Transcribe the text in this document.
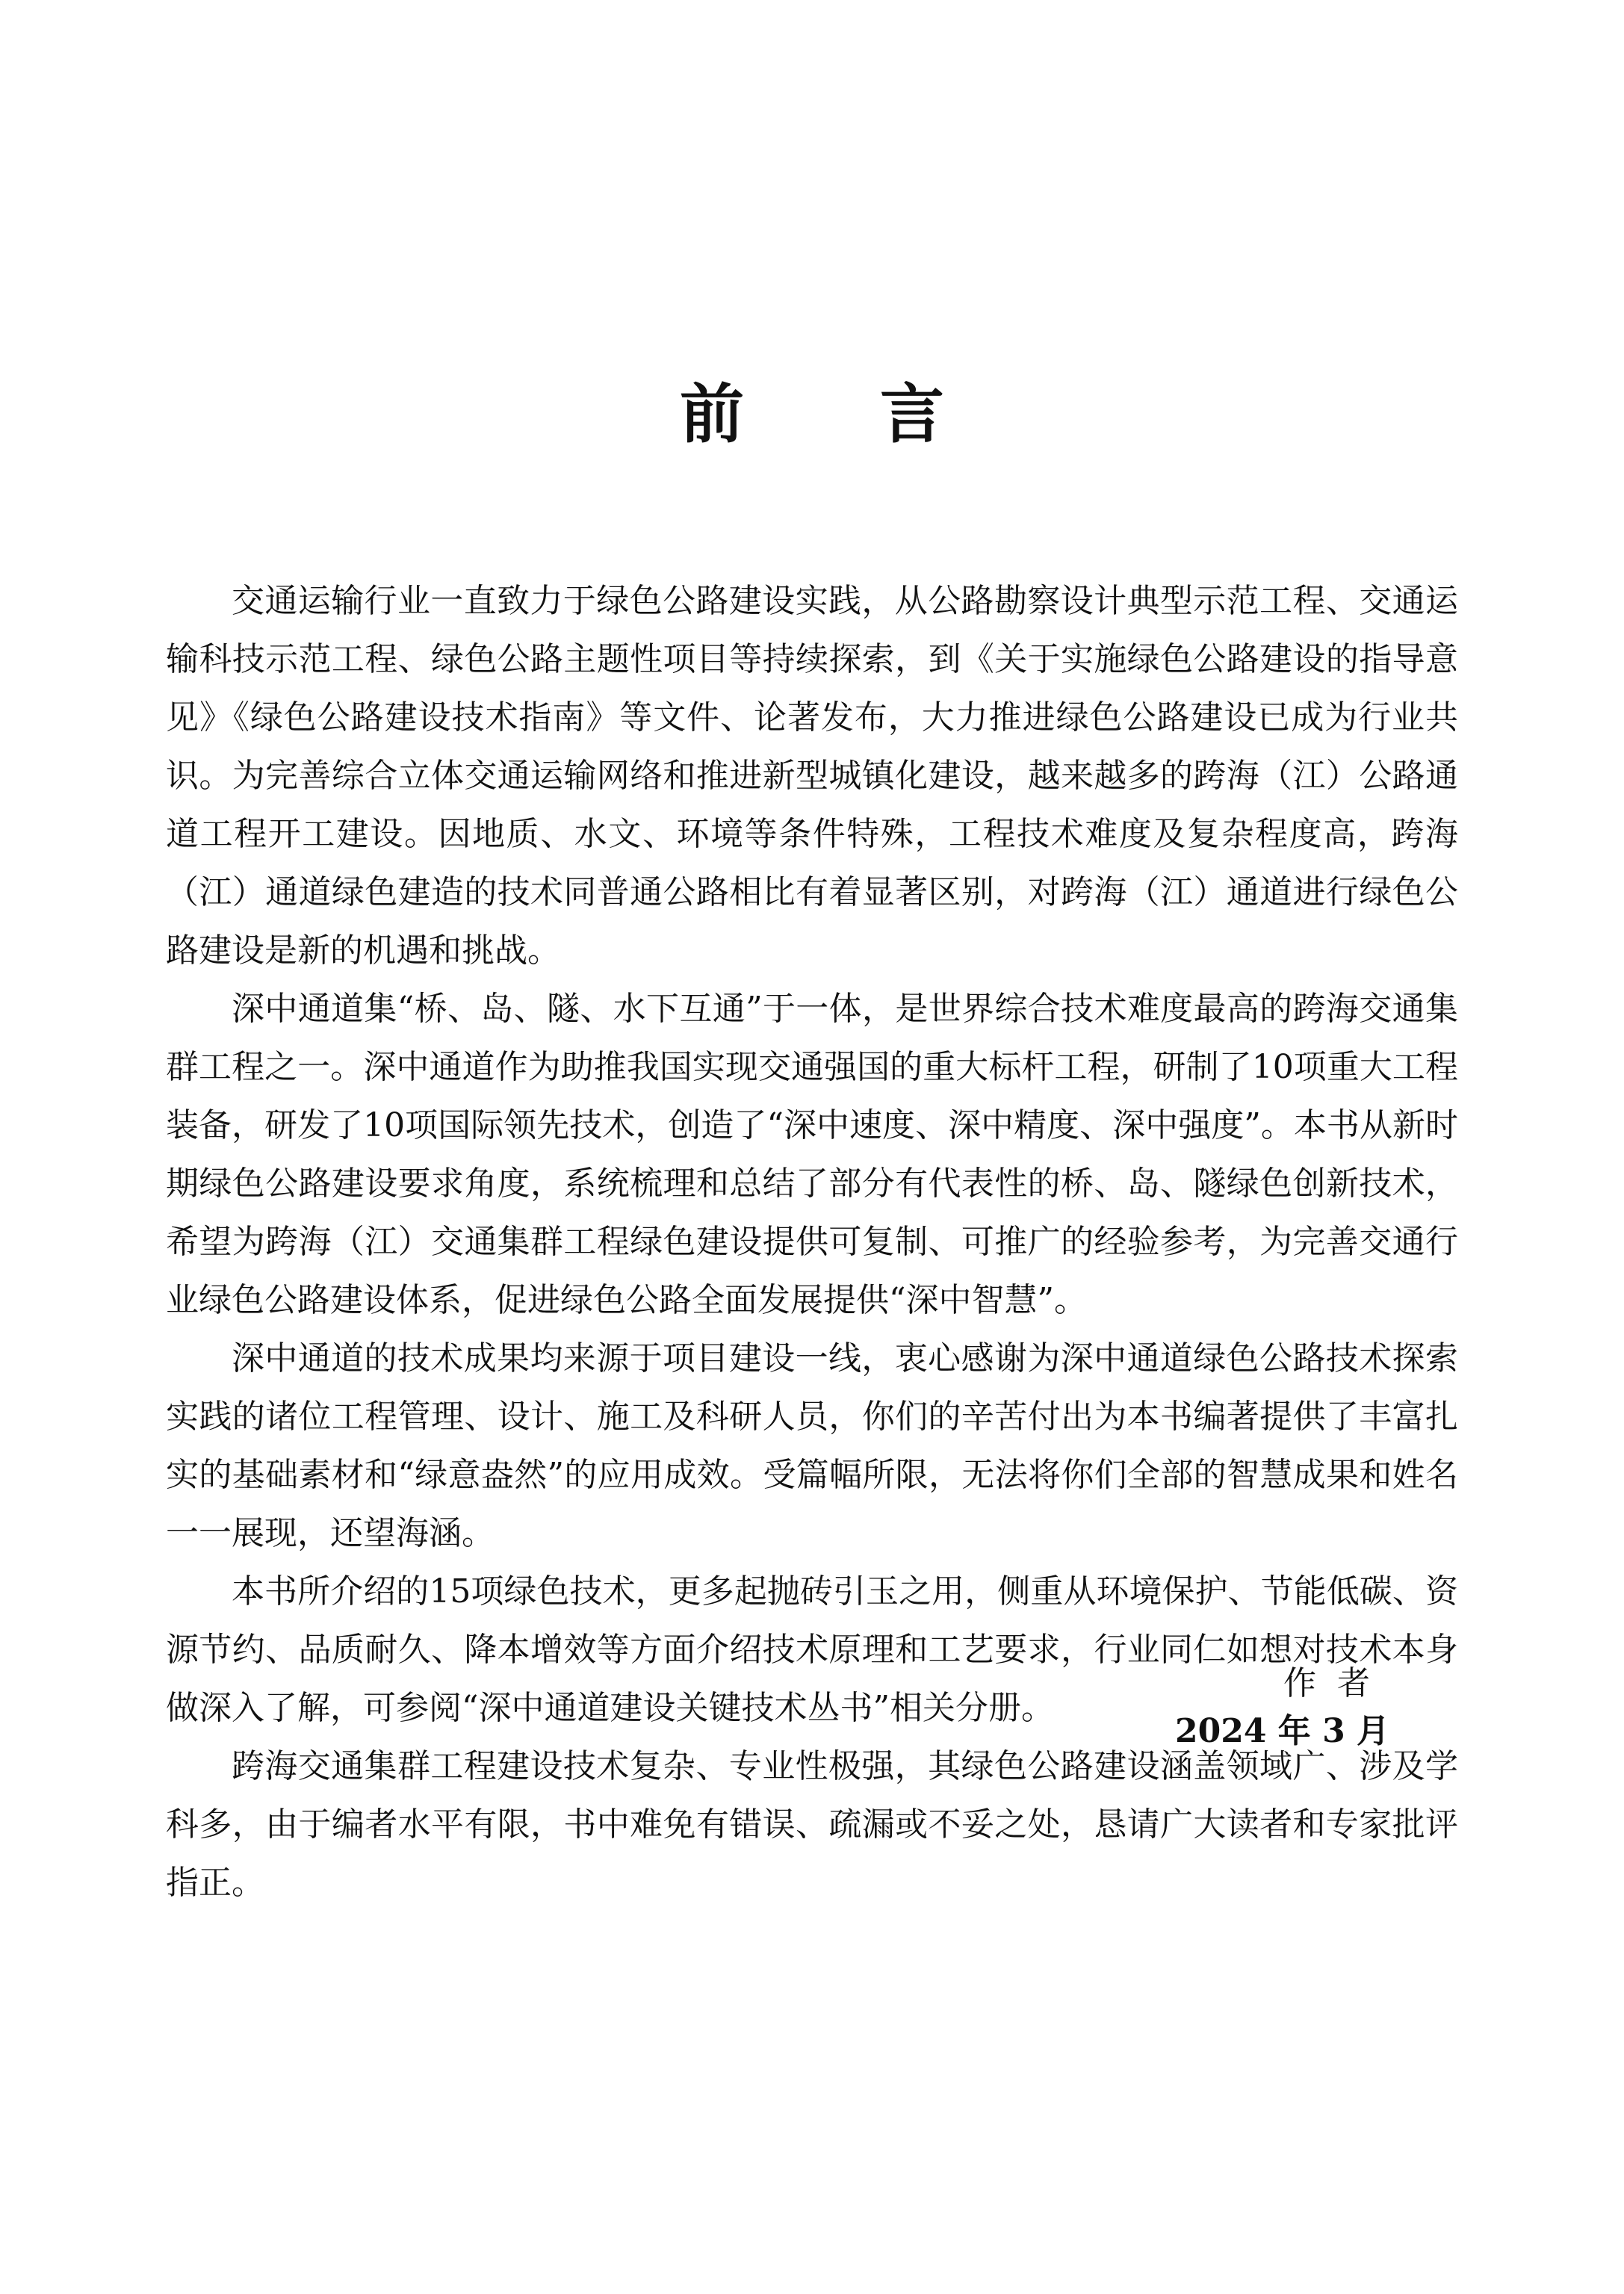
前 言

交通运输行业一直致力于绿色公路建设实践，从公路勘察设计典型示范工程、交通运输科技示范工程、绿色公路主题性项目等持续探索，到《关于实施绿色公路建设的指导意见》《绿色公路建设技术指南》等文件、论著发布，大力推进绿色公路建设已成为行业共识。为完善综合立体交通运输网络和推进新型城镇化建设，越来越多的跨海（江）公路通道工程开工建设。因地质、水文、环境等条件特殊，工程技术难度及复杂程度高，跨海（江）通道绿色建造的技术同普通公路相比有着显著区别，对跨海（江）通道进行绿色公路建设是新的机遇和挑战。

深中通道集“桥、岛、隧、水下互通”于一体，是世界综合技术难度最高的跨海交通集群工程之一。深中通道作为助推我国实现交通强国的重大标杆工程，研制了10项重大工程装备，研发了10项国际领先技术，创造了“深中速度、深中精度、深中强度”。本书从新时期绿色公路建设要求角度，系统梳理和总结了部分有代表性的桥、岛、隧绿色创新技术，希望为跨海（江）交通集群工程绿色建设提供可复制、可推广的经验参考，为完善交通行业绿色公路建设体系，促进绿色公路全面发展提供“深中智慧”。

深中通道的技术成果均来源于项目建设一线，衷心感谢为深中通道绿色公路技术探索实践的诸位工程管理、设计、施工及科研人员，你们的辛苦付出为本书编著提供了丰富扎实的基础素材和“绿意盎然”的应用成效。受篇幅所限，无法将你们全部的智慧成果和姓名一一展现，还望海涵。

本书所介绍的15项绿色技术，更多起抛砖引玉之用，侧重从环境保护、节能低碳、资源节约、品质耐久、降本增效等方面介绍技术原理和工艺要求，行业同仁如想对技术本身做深入了解，可参阅“深中通道建设关键技术丛书”相关分册。

跨海交通集群工程建设技术复杂、专业性极强，其绿色公路建设涵盖领域广、涉及学科多，由于编者水平有限，书中难免有错误、疏漏或不妥之处，恳请广大读者和专家批评指正。

作者

2024 年 3 月
